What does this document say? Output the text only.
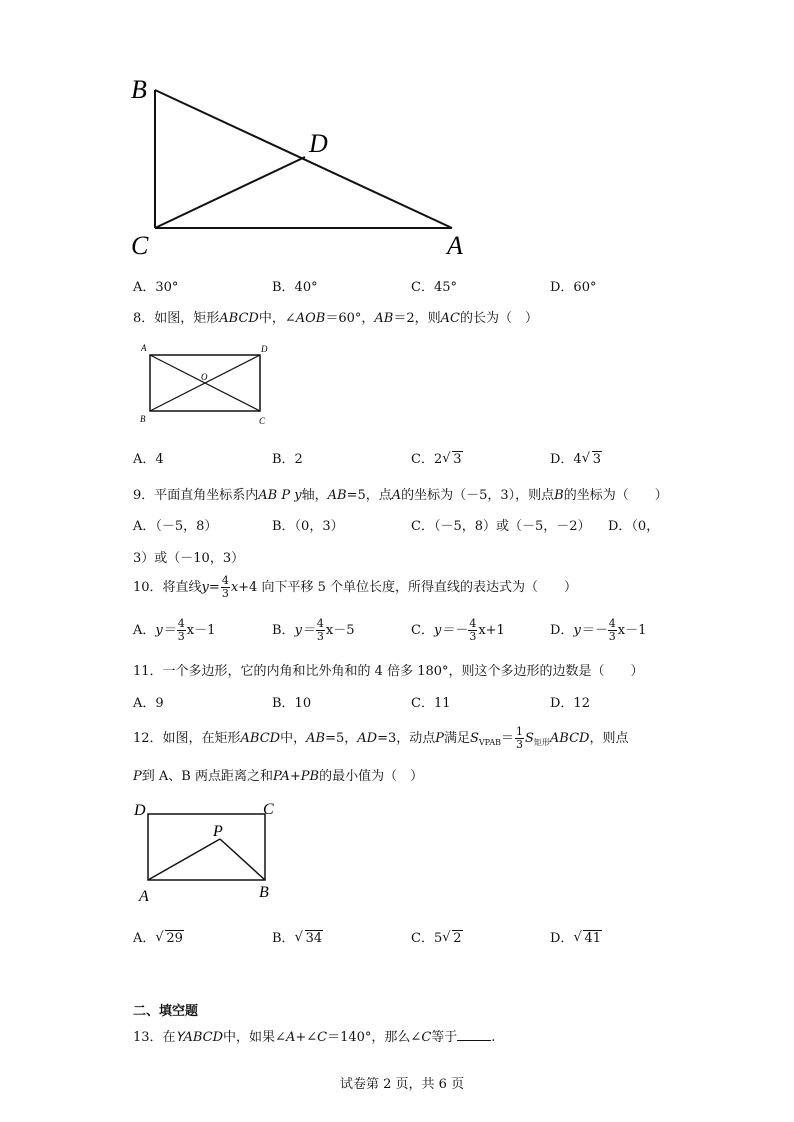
B
D
C	A
A．30°	B．40°	C．45°	D．60°
8．如图，矩形ABCD中，∠AOB＝60°，AB＝2，则AC的长为（　）
A	D
O
B	C
A．4	B．2	C．2 √ 3	D．4 √ 3
9．平面直角坐标系内AB P y轴，AB=5，点A的坐标为（－5，3），则点B的坐标为（　　）
A．（－5，8）	B．（0，3）	C．（－5，8）或（－5，－2） D．（0，
3）或（－10，3）
10．将直线$y= \frac{4}{3} x+4$ 向下平移 5 个单位长度，所得直线的表达式为（　　）
A．$y= \frac{4}{3} x-1$	B．$y= \frac{4}{3} x-5$	C．$y=- \frac{4}{3} x+1$	D．$y=- \frac{4}{3} x-1$
11．一个多边形，它的内角和比外角和的 4 倍多 180°，则这个多边形的边数是（　　）
A．9	B．10	C．11	D．12
12．如图，在矩形ABCD中，AB=5，AD=3，动点P满足$S_{VPAB}= \frac{1}{3}$ $S_{矩形}ABCD$，则点
P到 A、B 两点距离之和PA+PB的最小值为（　）
D	C
P
A	B
A． √ 29	B． √ 34	C．5 √ 2	D． √ 41
二、填空题
13．在ꓬABCD中，如果∠A+∠C＝140°，那么∠C等于	.
试卷第 2 页，共 6 页
